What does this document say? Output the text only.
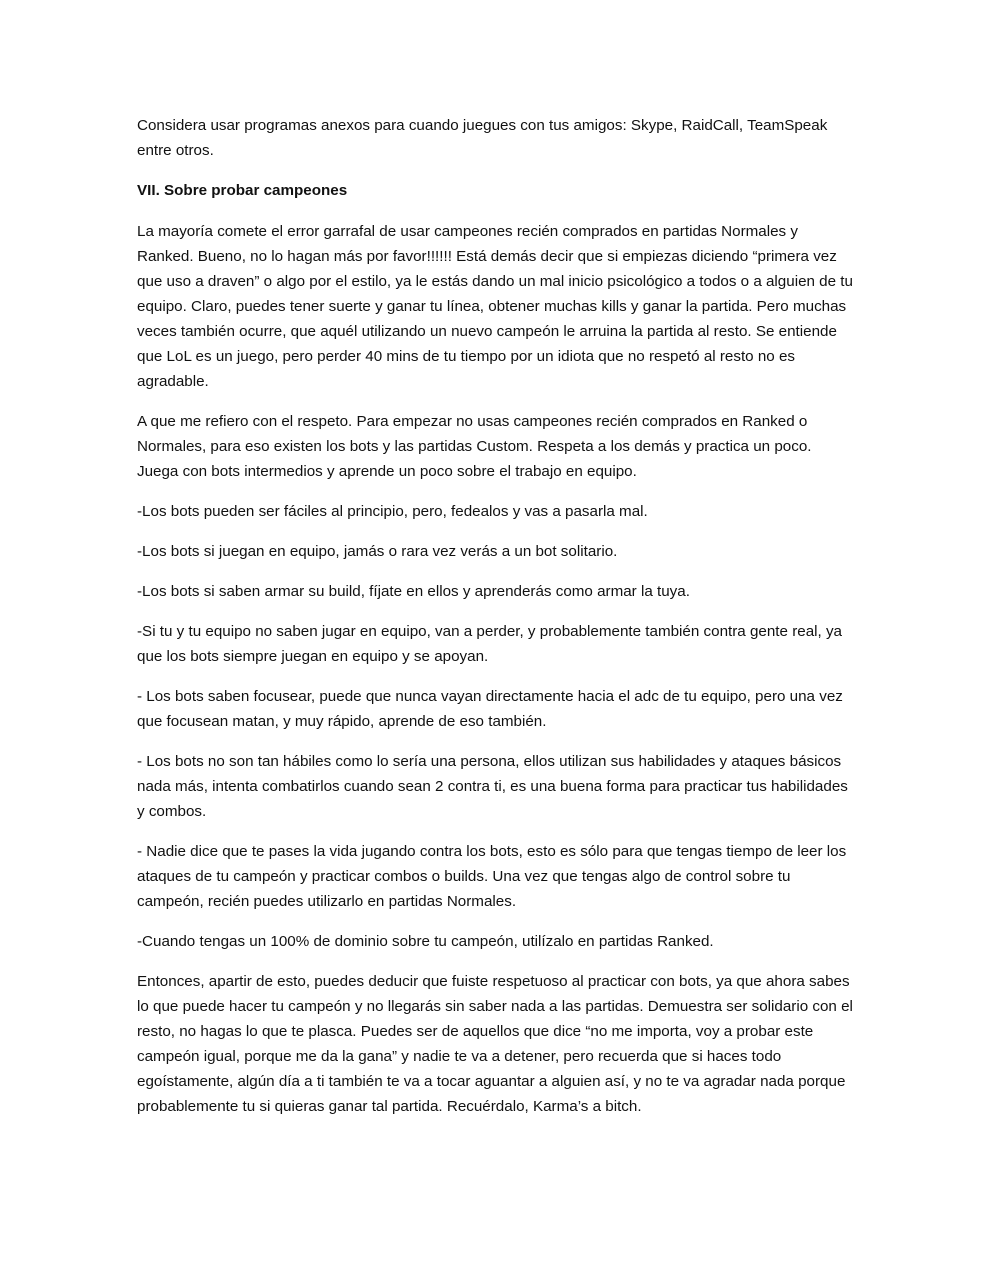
Considera usar programas anexos para cuando juegues con tus amigos: Skype, RaidCall, TeamSpeak entre otros.

VII. Sobre probar campeones

La mayoría comete el error garrafal de usar campeones recién comprados en partidas Normales y Ranked. Bueno, no lo hagan más por favor!!!!!! Está demás decir que si empiezas diciendo “primera vez que uso a draven” o algo por el estilo, ya le estás dando un mal inicio psicológico a todos o a alguien de tu equipo. Claro, puedes tener suerte y ganar tu línea, obtener muchas kills y ganar la partida. Pero muchas veces también ocurre, que aquél utilizando un nuevo campeón le arruina la partida al resto. Se entiende que LoL es un juego, pero perder 40 mins de tu tiempo por un idiota que no respetó al resto no es agradable.

A que me refiero con el respeto. Para empezar no usas campeones recién comprados en Ranked o Normales, para eso existen los bots y las partidas Custom. Respeta a los demás y practica un poco. Juega con bots intermedios y aprende un poco sobre el trabajo en equipo.

-Los bots pueden ser fáciles al principio, pero, fedealos y vas a pasarla mal.

-Los bots si juegan en equipo, jamás o rara vez verás a un bot solitario.

-Los bots si saben armar su build, fíjate en ellos y aprenderás como armar la tuya.

-Si tu y tu equipo no saben jugar en equipo, van a perder, y probablemente también contra gente real, ya que los bots siempre juegan en equipo y se apoyan.

- Los bots saben focusear, puede que nunca vayan directamente hacia el adc de tu equipo, pero una vez que focusean matan, y muy rápido, aprende de eso también.

- Los bots no son tan hábiles como lo sería una persona, ellos utilizan sus habilidades y ataques básicos nada más, intenta combatirlos cuando sean 2 contra ti, es una buena forma para practicar tus habilidades y combos.

- Nadie dice que te pases la vida jugando contra los bots, esto es sólo para que tengas tiempo de leer los ataques de tu campeón y practicar combos o builds. Una vez que tengas algo de control sobre tu campeón, recién puedes utilizarlo en partidas Normales.

-Cuando tengas un 100% de dominio sobre tu campeón, utilízalo en partidas Ranked.

Entonces, apartir de esto, puedes deducir que fuiste respetuoso al practicar con bots, ya que ahora sabes lo que puede hacer tu campeón y no llegarás sin saber nada a las partidas. Demuestra ser solidario con el resto, no hagas lo que te plasca. Puedes ser de aquellos que dice “no me importa, voy a probar este campeón igual, porque me da la gana” y nadie te va a detener, pero recuerda que si haces todo egoístamente, algún día a ti también te va a tocar aguantar a alguien así, y no te va agradar nada porque probablemente tu si quieras ganar tal partida. Recuérdalo, Karma’s a bitch.
